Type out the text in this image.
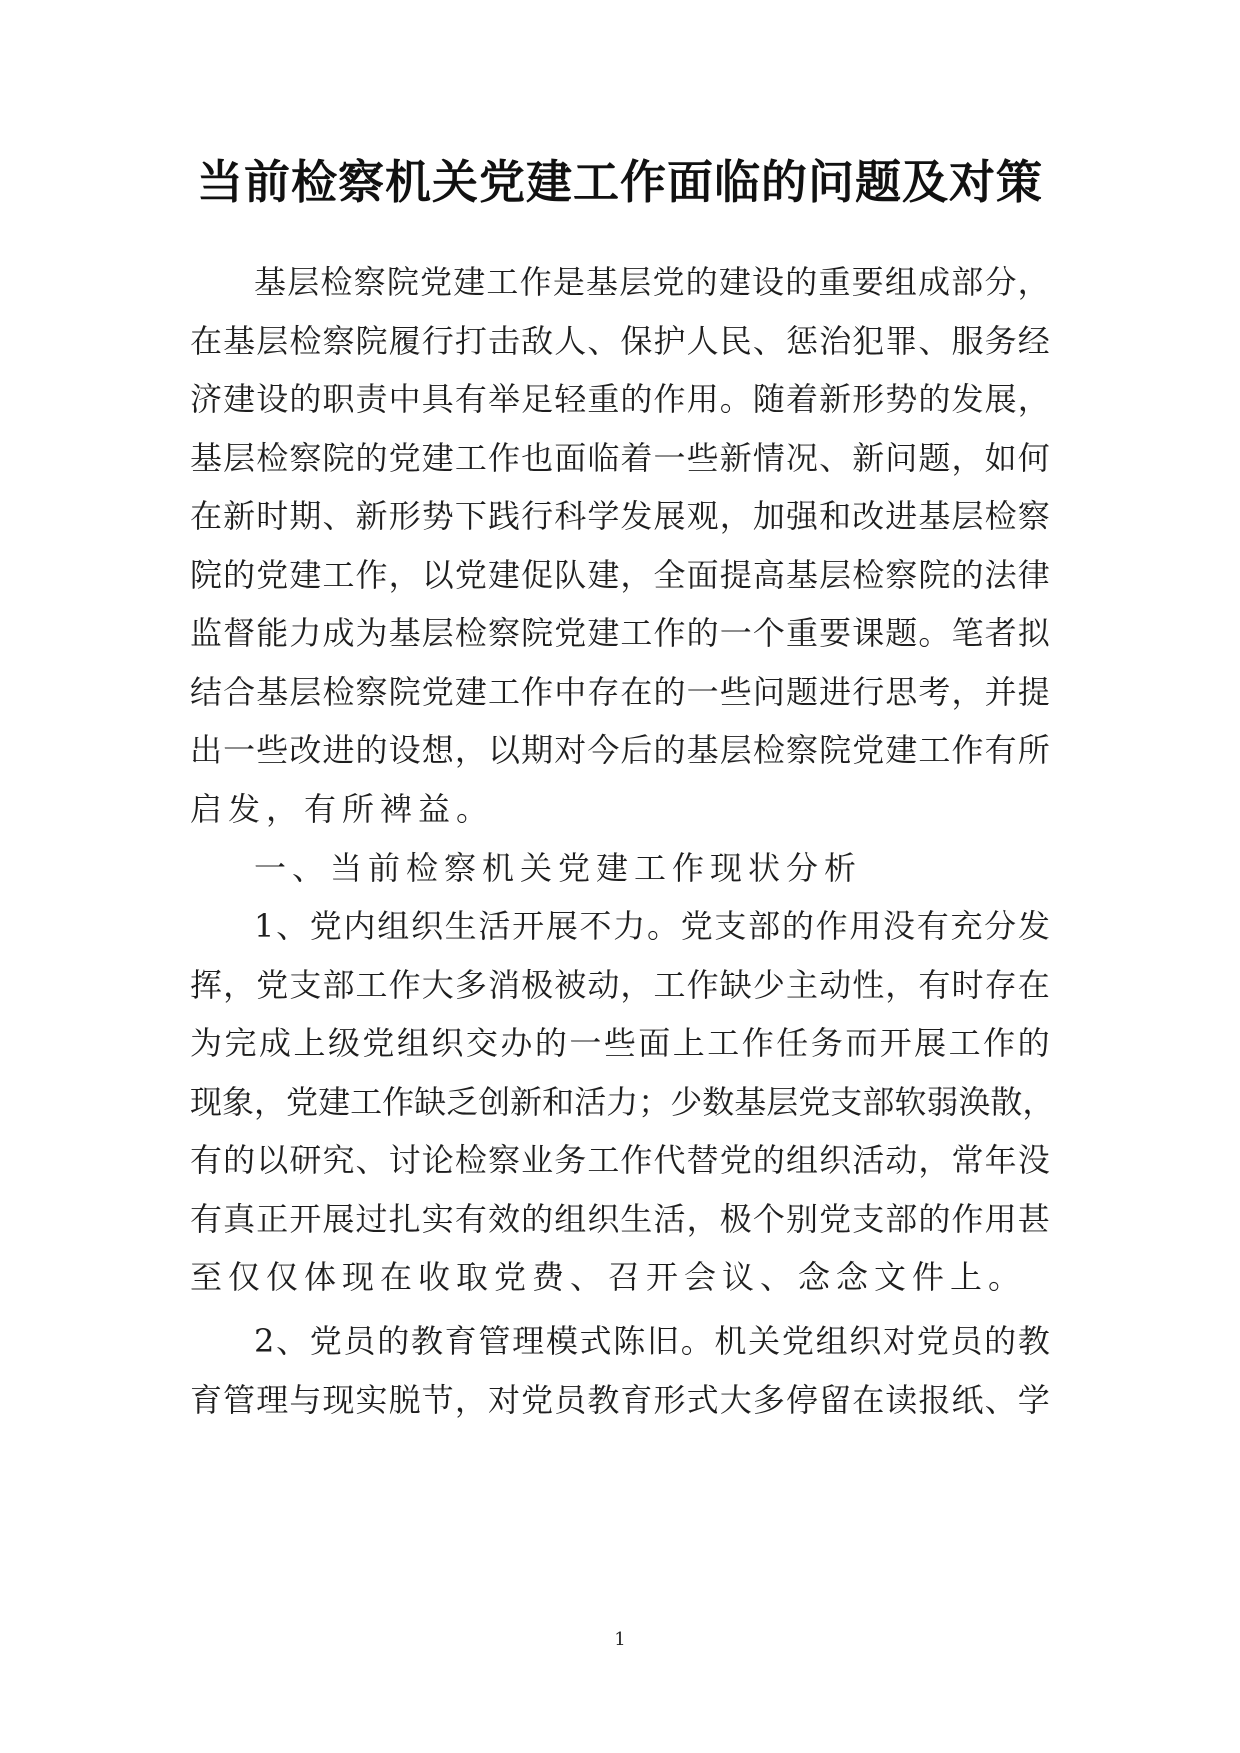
当前检察机关党建工作面临的问题及对策
基 层 检 察 院 党 建 工 作 是 基 层 党 的 建 设 的 重 要 组 成 部 分 ，
在 基 层 检 察 院 履 行 打 击 敌 人 、 保 护 人 民 、 惩 治 犯 罪 、 服 务 经
济 建 设 的 职 责 中 具 有 举 足 轻 重 的 作 用 。 随 着 新 形 势 的 发 展 ，
基 层 检 察 院 的 党 建 工 作 也 面 临 着 一 些 新 情 况 、 新 问 题 ， 如 何
在 新 时 期 、 新 形 势 下 践 行 科 学 发 展 观 ， 加 强 和 改 进 基 层 检 察
院 的 党 建 工 作 ， 以 党 建 促 队 建 ， 全 面 提 高 基 层 检 察 院 的 法 律
监 督 能 力 成 为 基 层 检 察 院 党 建 工 作 的 一 个 重 要 课 题 。 笔 者 拟
结 合 基 层 检 察 院 党 建 工 作 中 存 在 的 一 些 问 题 进 行 思 考 ， 并 提
出 一 些 改 进 的 设 想 ， 以 期 对 今 后 的 基 层 检 察 院 党 建 工 作 有 所
启发，有所裨益。
一、当前检察机关党建工作现状分析
1 、 党 内 组 织 生 活 开 展 不 力 。 党 支 部 的 作 用 没 有 充 分 发
挥 ， 党 支 部 工 作 大 多 消 极 被 动 ， 工 作 缺 少 主 动 性 ， 有 时 存 在
为 完 成 上 级 党 组 织 交 办 的 一 些 面 上 工 作 任 务 而 开 展 工 作 的
现 象 ， 党 建 工 作 缺 乏 创 新 和 活 力 ； 少 数 基 层 党 支 部 软 弱 涣 散 ，
有 的 以 研 究 、 讨 论 检 察 业 务 工 作 代 替 党 的 组 织 活 动 ， 常 年 没
有 真 正 开 展 过 扎 实 有 效 的 组 织 生 活 ， 极 个 别 党 支 部 的 作 用 甚
至仅仅体现在收取党费、召开会议、念念文件上。
2 、 党 员 的 教 育 管 理 模 式 陈 旧 。 机 关 党 组 织 对 党 员 的 教
育 管 理 与 现 实 脱 节 ， 对 党 员 教 育 形 式 大 多 停 留 在 读 报 纸 、 学
1
